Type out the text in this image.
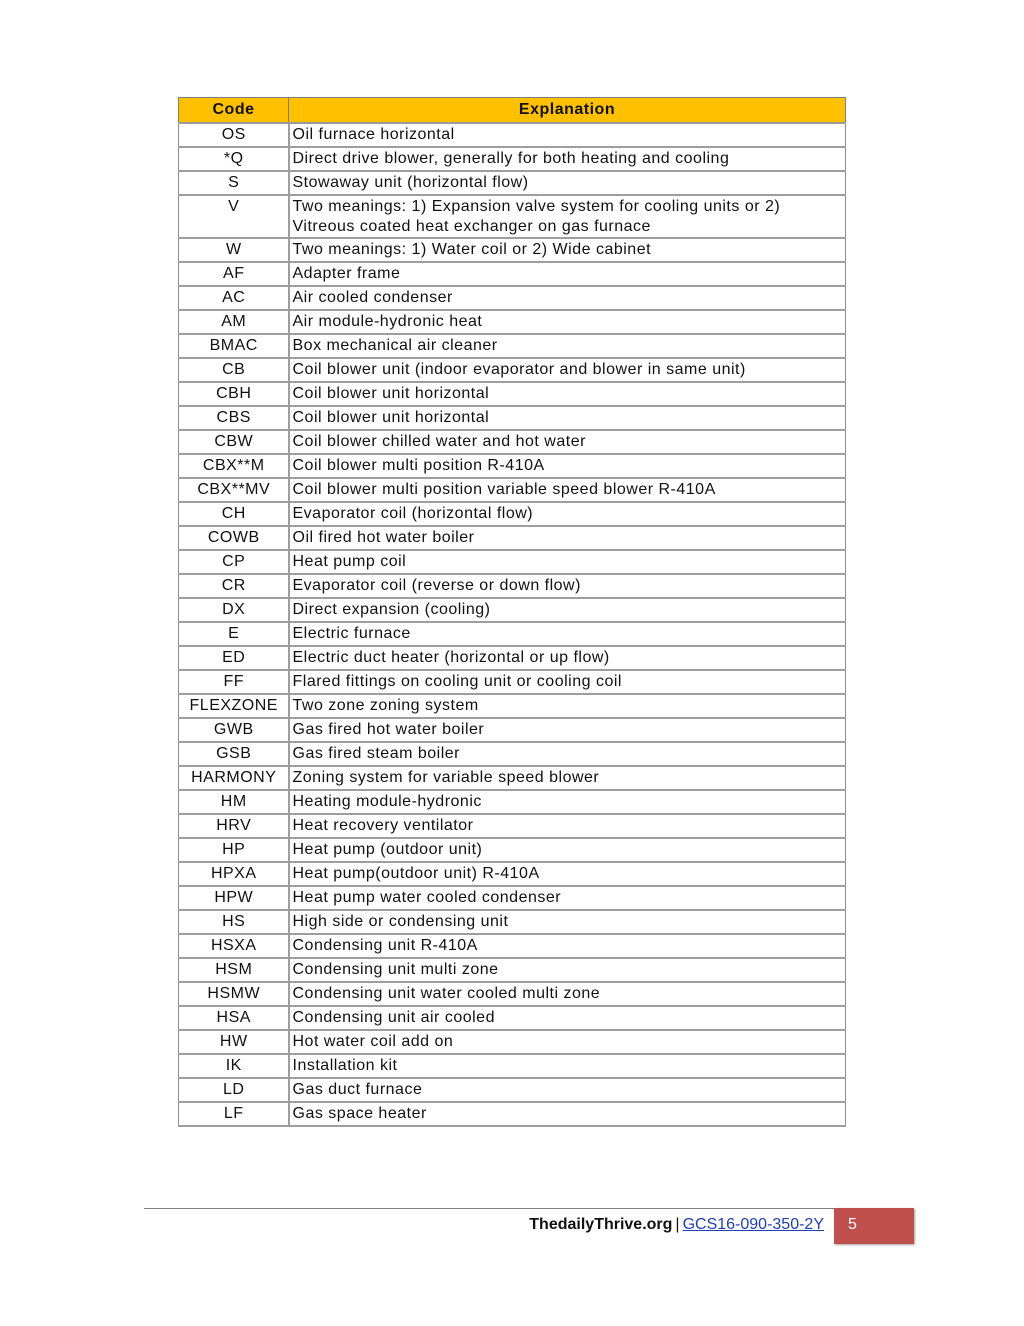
Code	Explanation
OS	Oil furnace horizontal
*Q	Direct drive blower, generally for both heating and cooling
S	Stowaway unit (horizontal flow)
V	Two meanings: 1) Expansion valve system for cooling units or 2) Vitreous coated heat exchanger on gas furnace
W	Two meanings: 1) Water coil or 2) Wide cabinet
AF	Adapter frame
AC	Air cooled condenser
AM	Air module-hydronic heat
BMAC	Box mechanical air cleaner
CB	Coil blower unit (indoor evaporator and blower in same unit)
CBH	Coil blower unit horizontal
CBS	Coil blower unit horizontal
CBW	Coil blower chilled water and hot water
CBX**M	Coil blower multi position R-410A
CBX**MV	Coil blower multi position variable speed blower R-410A
CH	Evaporator coil (horizontal flow)
COWB	Oil fired hot water boiler
CP	Heat pump coil
CR	Evaporator coil (reverse or down flow)
DX	Direct expansion (cooling)
E	Electric furnace
ED	Electric duct heater (horizontal or up flow)
FF	Flared fittings on cooling unit or cooling coil
FLEXZONE	Two zone zoning system
GWB	Gas fired hot water boiler
GSB	Gas fired steam boiler
HARMONY	Zoning system for variable speed blower
HM	Heating module-hydronic
HRV	Heat recovery ventilator
HP	Heat pump (outdoor unit)
HPXA	Heat pump(outdoor unit) R-410A
HPW	Heat pump water cooled condenser
HS	High side or condensing unit
HSXA	Condensing unit R-410A
HSM	Condensing unit multi zone
HSMW	Condensing unit water cooled multi zone
HSA	Condensing unit air cooled
HW	Hot water coil add on
IK	Installation kit
LD	Gas duct furnace
LF	Gas space heater
ThedailyThrive.org | GCS16-090-350-2Y	5
